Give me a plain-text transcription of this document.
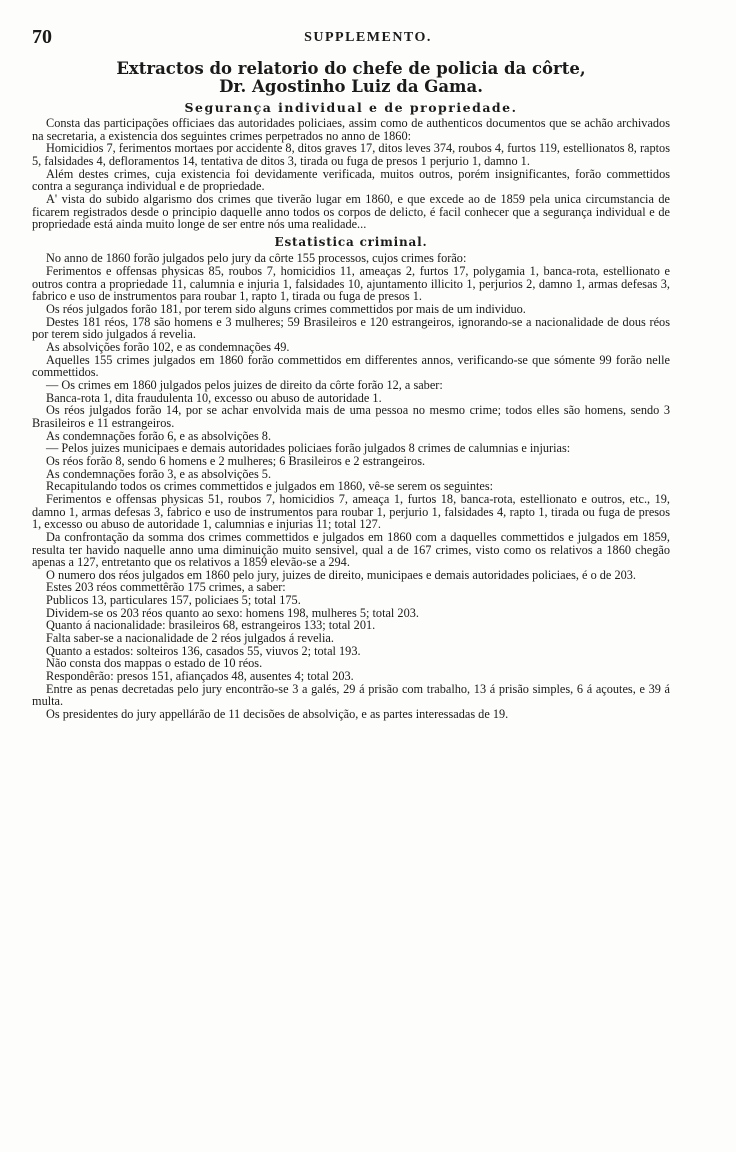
70	SUPPLEMENTO.
Extractos do relatorio do chefe de policia da côrte,
Dr. Agostinho Luiz da Gama.
Segurança individual e de propriedade.

Consta das participações officiaes das autoridades policiaes, assim como de authenticos documentos que se achão archivados na secretaria, a existencia dos seguintes crimes perpetrados no anno de 1860:

Homicidios 7, ferimentos mortaes por accidente 8, ditos graves 17, ditos leves 374, roubos 4, furtos 119, estellionatos 8, raptos 5, falsidades 4, defloramentos 14, tentativa de ditos 3, tirada ou fuga de presos 1 perjurio 1, damno 1.

Além destes crimes, cuja existencia foi devidamente verificada, muitos outros, porém insignificantes, forão commettidos contra a segurança individual e de propriedade.

A' vista do subido algarismo dos crimes que tiverão lugar em 1860, e que excede ao de 1859 pela unica circumstancia de ficarem registrados desde o principio daquelle anno todos os corpos de delicto, é facil conhecer que a segurança individual e de propriedade está ainda muito longe de ser entre nós uma realidade...

Estatistica criminal.

No anno de 1860 forão julgados pelo jury da côrte 155 processos, cujos crimes forão:

Ferimentos e offensas physicas 85, roubos 7, homicidios 11, ameaças 2, furtos 17, polygamia 1, banca-rota, estellionato e outros contra a propriedade 11, calumnia e injuria 1, falsidades 10, ajuntamento illicito 1, perjurios 2, damno 1, armas defesas 3, fabrico e uso de instrumentos para roubar 1, rapto 1, tirada ou fuga de presos 1.

Os réos julgados forão 181, por terem sido alguns crimes commettidos por mais de um individuo.

Destes 181 réos, 178 são homens e 3 mulheres; 59 Brasileiros e 120 estrangeiros, ignorando-se a nacionalidade de dous réos por terem sido julgados á revelia.

As absolvições forão 102, e as condemnações 49.

Aquelles 155 crimes julgados em 1860 forão commettidos em differentes annos, verificando-se que sómente 99 forão nelle commettidos.

— Os crimes em 1860 julgados pelos juizes de direito da côrte forão 12, a saber:

Banca-rota 1, dita fraudulenta 10, excesso ou abuso de autoridade 1.

Os réos julgados forão 14, por se achar envolvida mais de uma pessoa no mesmo crime; todos elles são homens, sendo 3 Brasileiros e 11 estrangeiros.

As condemnações forão 6, e as absolvições 8.

— Pelos juizes municipaes e demais autoridades policiaes forão julgados 8 crimes de calumnias e injurias:

Os réos forão 8, sendo 6 homens e 2 mulheres; 6 Brasileiros e 2 estrangeiros.

As condemnações forão 3, e as absolvições 5.

Recapitulando todos os crimes commettidos e julgados em 1860, vê-se serem os seguintes:

Ferimentos e offensas physicas 51, roubos 7, homicidios 7, ameaça 1, furtos 18, banca-rota, estellionato e outros, etc., 19, damno 1, armas defesas 3, fabrico e uso de instrumentos para roubar 1, perjurio 1, falsidades 4, rapto 1, tirada ou fuga de presos 1, excesso ou abuso de autoridade 1, calumnias e injurias 11; total 127.

Da confrontação da somma dos crimes commettidos e julgados em 1860 com a daquelles commettidos e julgados em 1859, resulta ter havido naquelle anno uma diminuição muito sensivel, qual a de 167 crimes, visto como os relativos a 1860 chegão apenas a 127, entretanto que os relativos a 1859 elevão-se a 294.

O numero dos réos julgados em 1860 pelo jury, juizes de direito, municipaes e demais autoridades policiaes, é o de 203.

Estes 203 réos commettêrão 175 crimes, a saber:

Publicos 13, particulares 157, policiaes 5; total 175.

Dividem-se os 203 réos quanto ao sexo: homens 198, mulheres 5; total 203.

Quanto á nacionalidade: brasileiros 68, estrangeiros 133; total 201.

Falta saber-se a nacionalidade de 2 réos julgados á revelia.

Quanto a estados: solteiros 136, casados 55, viuvos 2; total 193.

Não consta dos mappas o estado de 10 réos.

Respondêrão: presos 151, afiançados 48, ausentes 4; total 203.

Entre as penas decretadas pelo jury encontrão-se 3 a galés, 29 á prisão com trabalho, 13 á prisão simples, 6 á açoutes, e 39 á multa.

Os presidentes do jury appellárão de 11 decisões de absolvição, e as partes interessadas de 19.
